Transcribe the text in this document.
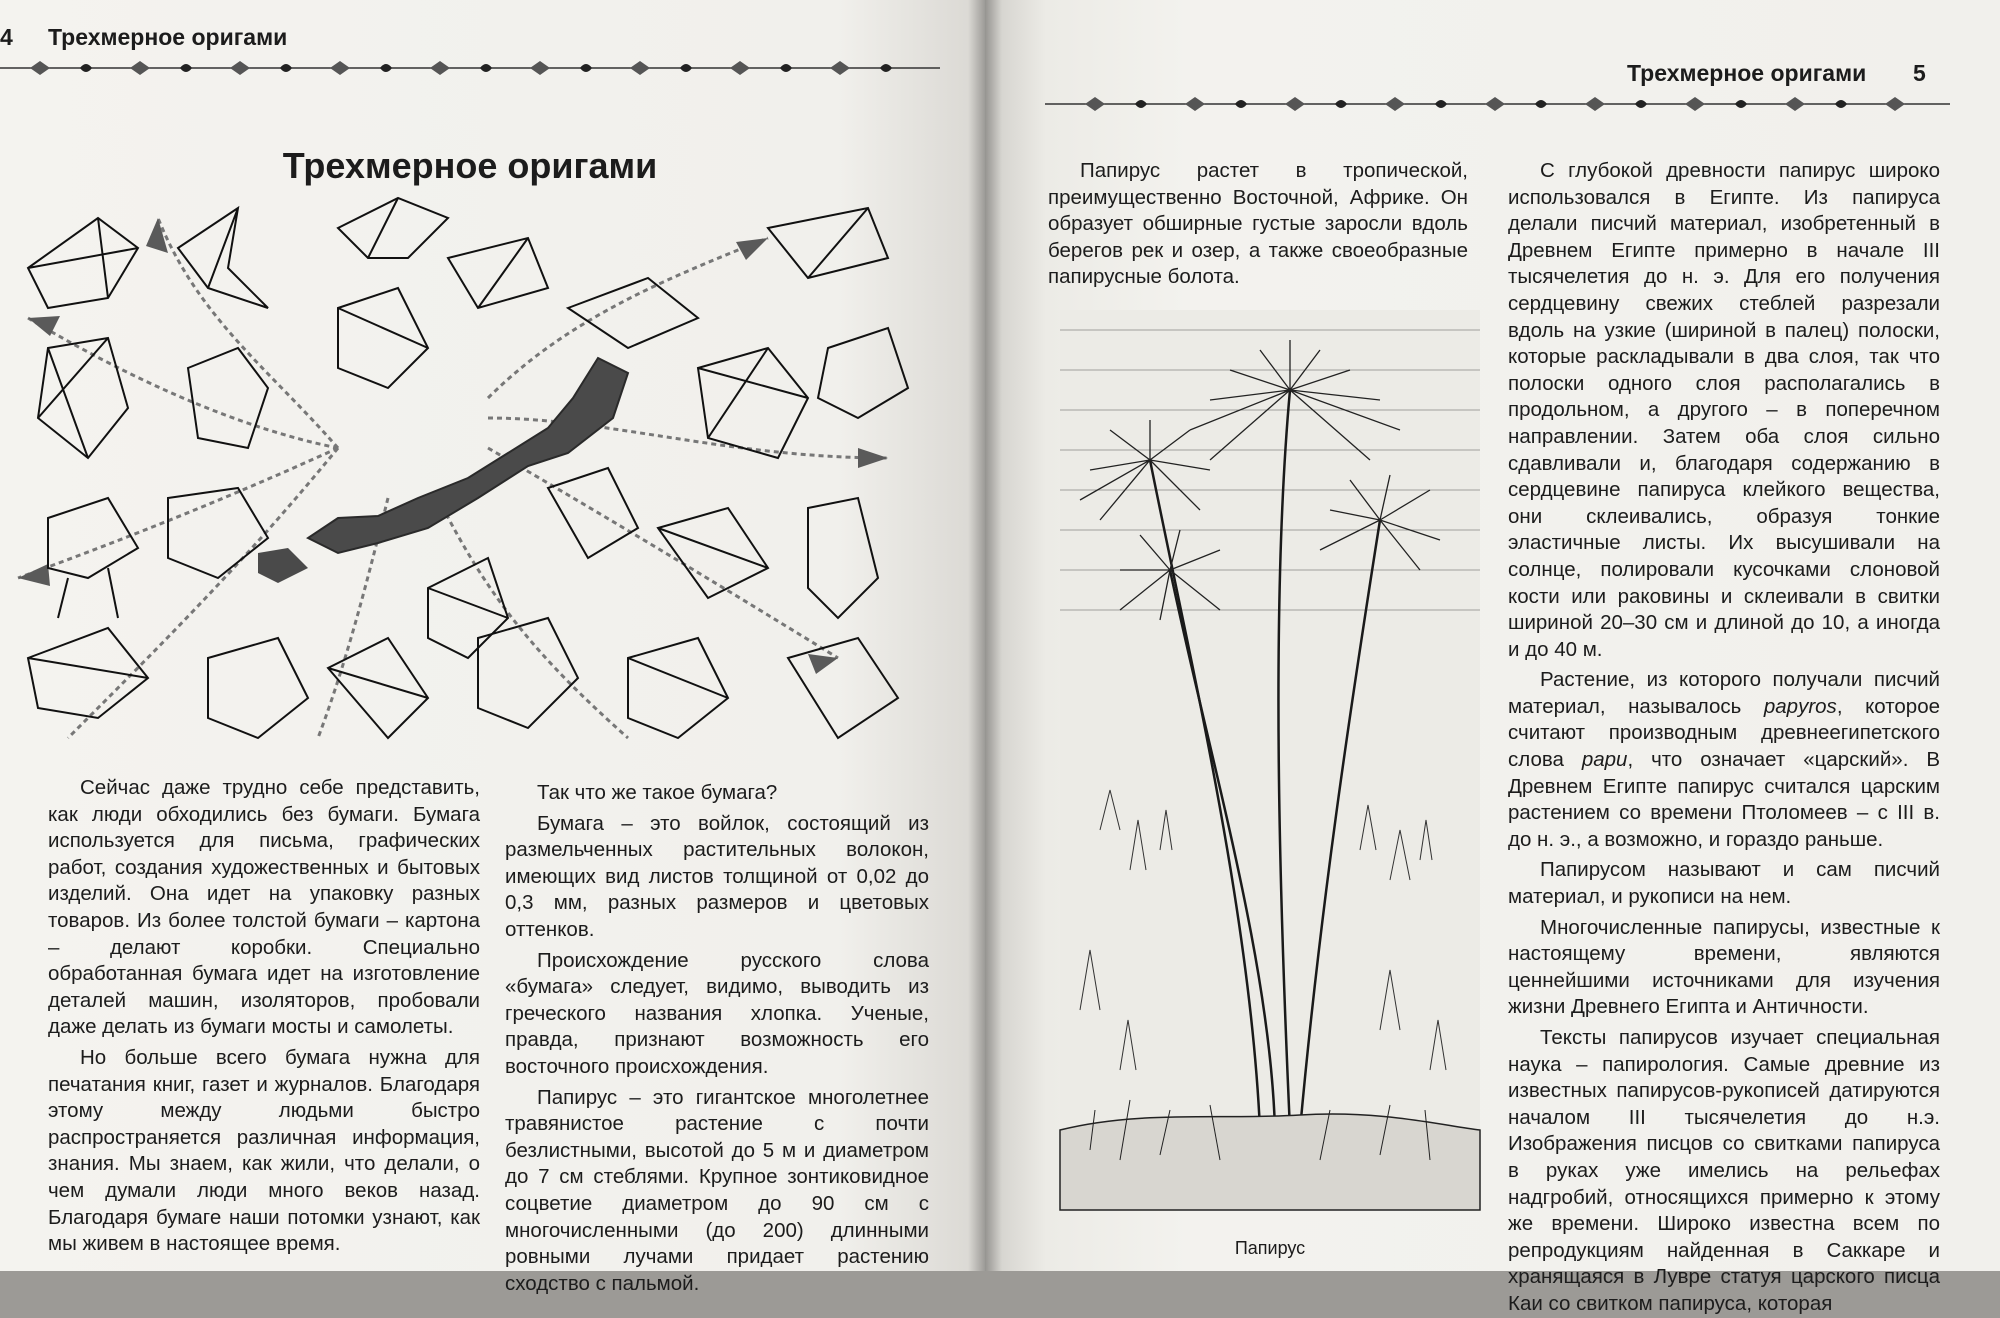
4 Трехмерное оригами
Трехмерное оригами

Сейчас даже трудно себе представить, как люди обходились без бумаги. Бумага используется для письма, графических работ, создания художественных и бытовых изделий. Она идет на упаковку разных товаров. Из более толстой бумаги – картона – делают коробки. Специально обработанная бумага идет на изготовление деталей машин, изоляторов, пробовали даже делать из бумаги мосты и самолеты.

Но больше всего бумага нужна для печатания книг, газет и журналов. Благодаря этому между людьми быстро распространяется различная информация, знания. Мы знаем, как жили, что делали, о чем думали люди много веков назад. Благодаря бумаге наши потомки узнают, как мы живем в настоящее время.

Так что же такое бумага?

Бумага – это войлок, состоящий из размельченных растительных волокон, имеющих вид листов толщиной от 0,02 до 0,3 мм, разных размеров и цветовых оттенков.

Происхождение русского слова «бумага» следует, видимо, выводить из греческого названия хлопка. Ученые, правда, признают возможность его восточного происхождения.

Папирус – это гигантское многолетнее травянистое растение с почти безлистными, высотой до 5 м и диаметром до 7 см стеблями. Крупное зонтиковидное соцветие диаметром до 90 см с многочисленными (до 200) длинными ровными лучами придает растению сходство с пальмой.

Трехмерное оригами 5

Папирус растет в тропической, преимущественно Восточной, Африке. Он образует обширные густые заросли вдоль берегов рек и озер, а также своеобразные папирусные болота.

Папирус

С глубокой древности папирус широко использовался в Египте. Из папируса делали писчий материал, изобретенный в Древнем Египте примерно в начале III тысячелетия до н. э. Для его получения сердцевину свежих стеблей разрезали вдоль на узкие (шириной в палец) полоски, которые раскладывали в два слоя, так что полоски одного слоя располагались в продольном, а другого – в поперечном направлении. Затем оба слоя сильно сдавливали и, благодаря содержанию в сердцевине папируса клейкого вещества, они склеивались, образуя тонкие эластичные листы. Их высушивали на солнце, полировали кусочками слоновой кости или раковины и склеивали в свитки шириной 20–30 см и длиной до 10, а иногда и до 40 м.

Растение, из которого получали писчий материал, называлось papyros, которое считают производным древнеегипетского слова papu, что означает «царский». В Древнем Египте папирус считался царским растением со времени Птоломеев – с III в. до н. э., а возможно, и гораздо раньше.

Папирусом называют и сам писчий материал, и рукописи на нем.

Многочисленные папирусы, известные к настоящему времени, являются ценнейшими источниками для изучения жизни Древнего Египта и Античности.

Тексты папирусов изучает специальная наука – папирология. Самые древние из известных папирусов-рукописей датируются началом III тысячелетия до н.э. Изображения писцов со свитками папируса в руках уже имелись на рельефах надгробий, относящихся примерно к этому же времени. Широко известна всем по репродукциям найденная в Саккаре и хранящаяся в Лувре статуя царского писца Каи со свитком папируса, которая
